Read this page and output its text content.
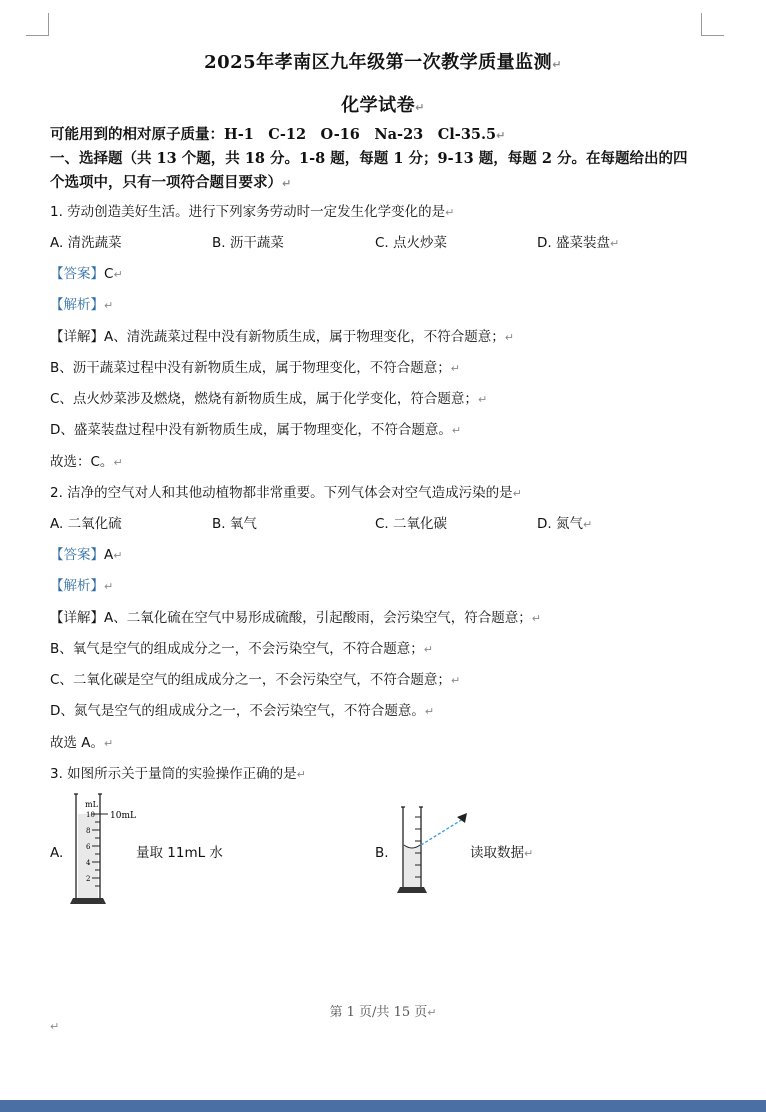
2025年孝南区九年级第一次教学质量监测↵
化学试卷↵
可能用到的相对原子质量：H-1　C-12　O-16　Na-23　Cl-35.5↵
一、选择题（共 13 个题，共 18 分。1-8 题，每题 1 分；9-13 题，每题 2 分。在每题给出的四
个选项中，只有一项符合题目要求）↵
1. 劳动创造美好生活。进行下列家务劳动时一定发生化学变化的是↵
A. 清洗蔬菜	B. 沥干蔬菜	C. 点火炒菜	D. 盛菜装盘↵
【答案】C↵
【解析】↵
【详解】A、清洗蔬菜过程中没有新物质生成，属于物理变化，不符合题意；↵
B、沥干蔬菜过程中没有新物质生成，属于物理变化，不符合题意；↵
C、点火炒菜涉及燃烧，燃烧有新物质生成，属于化学变化，符合题意；↵
D、盛菜装盘过程中没有新物质生成，属于物理变化，不符合题意。↵
故选：C。↵
2. 洁净的空气对人和其他动植物都非常重要。下列气体会对空气造成污染的是↵
A. 二氧化硫	B. 氧气	C. 二氧化碳	D. 氮气↵
【答案】A↵
【解析】↵
【详解】A、二氧化硫在空气中易形成硫酸，引起酸雨，会污染空气，符合题意；↵
B、氧气是空气的组成成分之一，不会污染空气，不符合题意；↵
C、二氧化碳是空气的组成成分之一，不会污染空气，不符合题意；↵
D、氮气是空气的组成成分之一，不会污染空气，不符合题意。↵
故选 A。↵
3. 如图所示关于量筒的实验操作正确的是↵
A.
mL
10
8
6
4
2
10mL
量取 11mL 水	B.	读取数据↵
第 1 页/共 15 页↵
↵
